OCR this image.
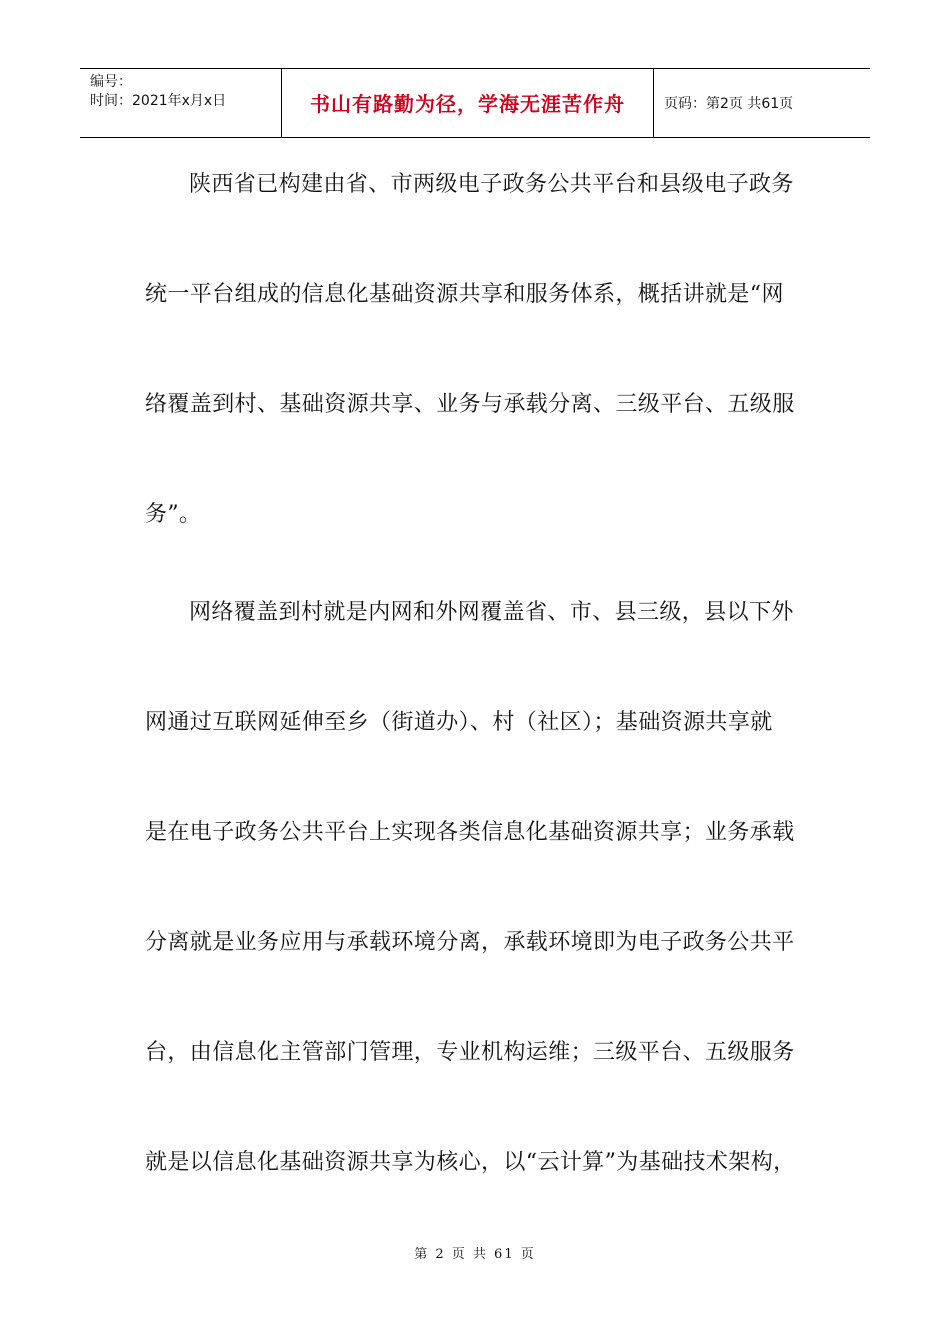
编号：
时间：2021年x月x日	书山有路勤为径，学海无涯苦作舟	页码：第2页 共61页
陕西省已构建由省、市两级电子政务公共平台和县级电子政务
统一平台组成的信息化基础资源共享和服务体系，概括讲就是“网
络覆盖到村、基础资源共享、业务与承载分离、三级平台、五级服
务”。
网络覆盖到村就是内网和外网覆盖省、市、县三级，县以下外
网通过互联网延伸至乡（街道办）、村（社区）；基础资源共享就
是在电子政务公共平台上实现各类信息化基础资源共享；业务承载
分离就是业务应用与承载环境分离，承载环境即为电子政务公共平
台，由信息化主管部门管理，专业机构运维；三级平台、五级服务
就是以信息化基础资源共享为核心，以“云计算”为基础技术架构，
第 2 页 共 61 页
